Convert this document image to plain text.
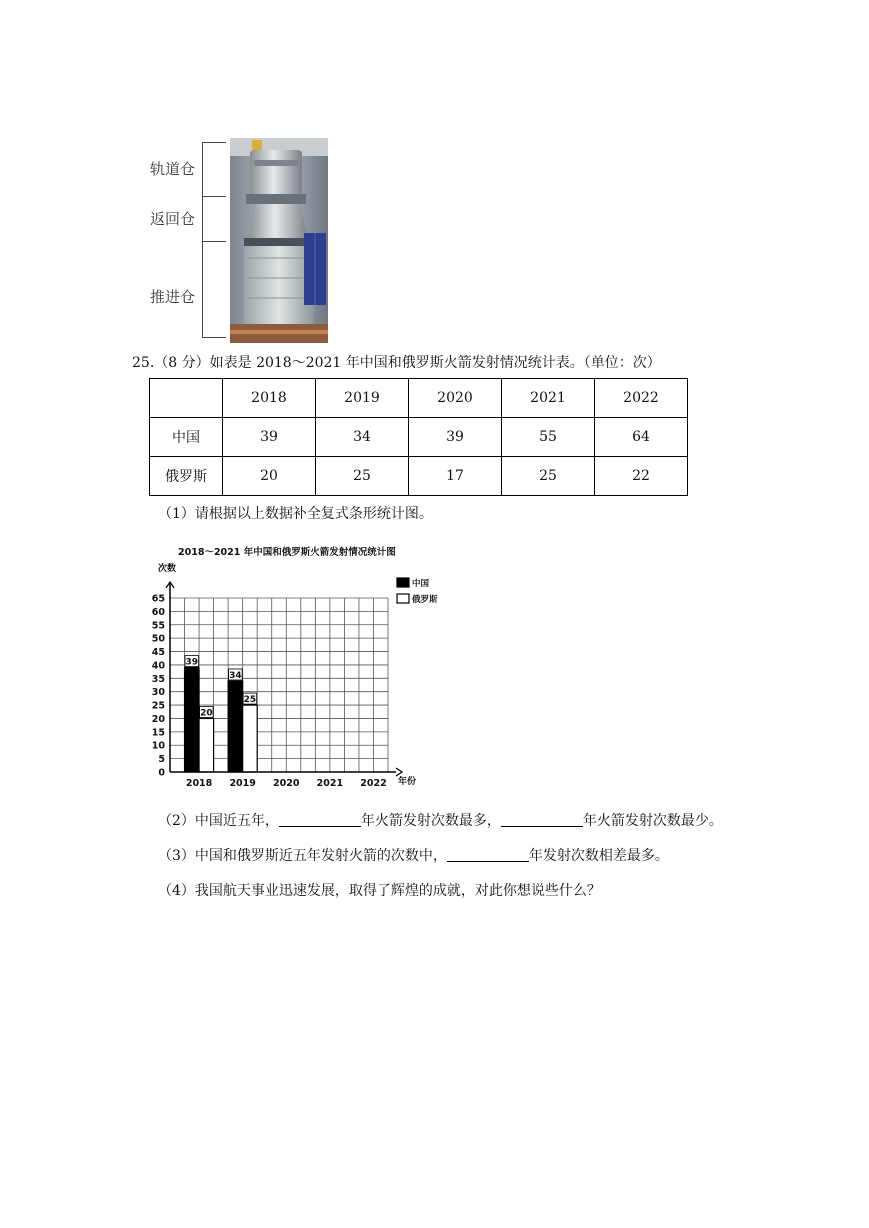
轨道仓
返回仓
推进仓
25.（8 分）如表是 2018～2021 年中国和俄罗斯火箭发射情况统计表。（单位：次）
	2018	2019	2020	2021	2022
中国	39	34	39	55	64
俄罗斯	20	25	17	25	22
（1）请根据以上数据补全复式条形统计图。
2018～2021 年中国和俄罗斯火箭发射情况统计图
次数
0
5
10
15
20
25
30
35
40
45
50
55
60
65
39
20
2018
34
25
2019 2020 2021 2022 年份
中国
俄罗斯
（2）中国近五年，	年火箭发射次数最多，	年火箭发射次数最少。
（3）中国和俄罗斯近五年发射火箭的次数中，	年发射次数相差最多。
（4）我国航天事业迅速发展，取得了辉煌的成就，对此你想说些什么？
